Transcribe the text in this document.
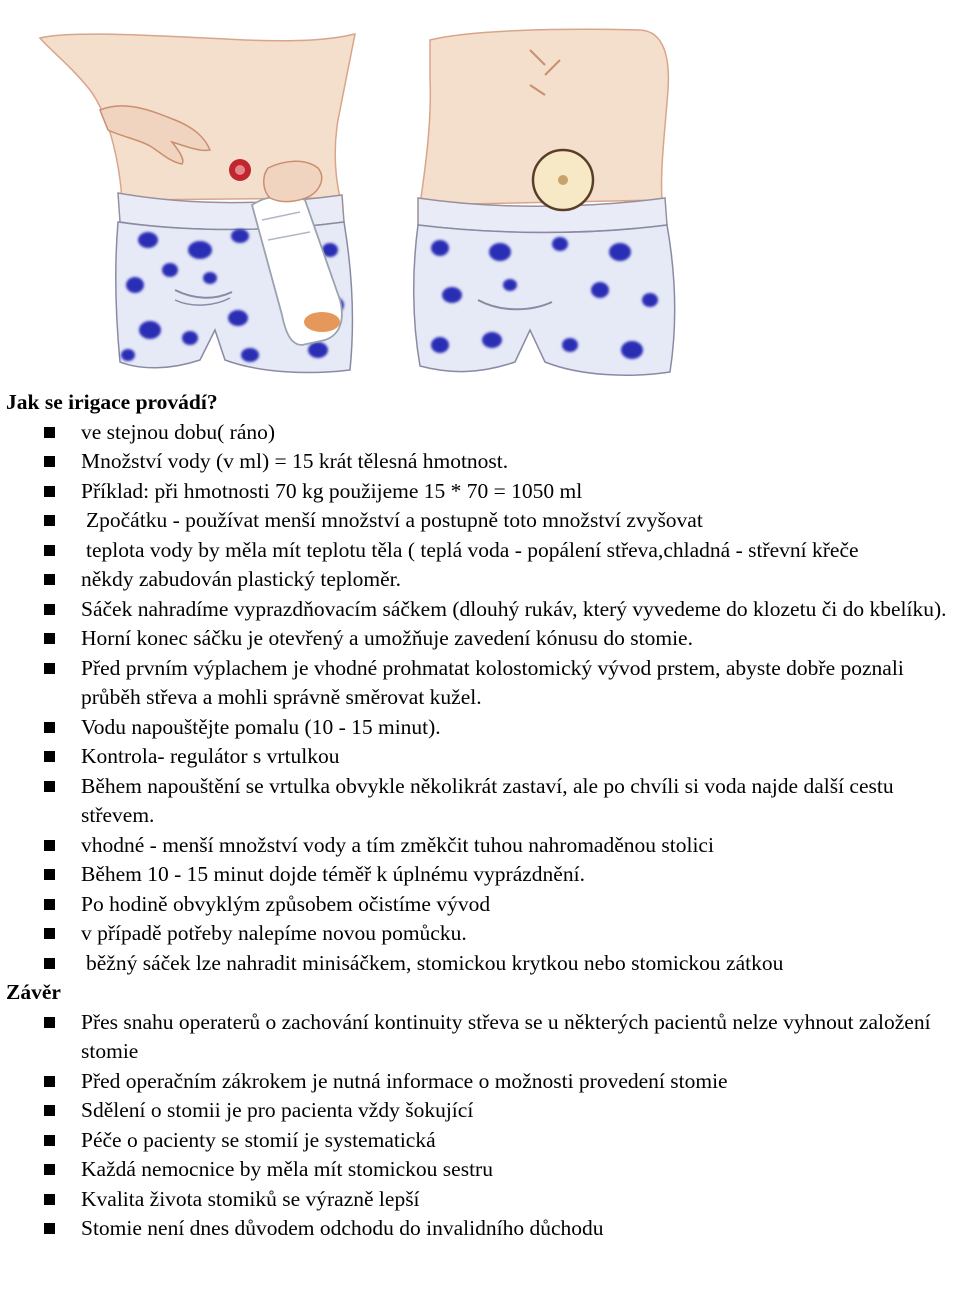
Jak se irigace provádí?

ve stejnou dobu( ráno)
Množství vody (v ml) = 15 krát tělesná hmotnost.
Příklad: při hmotnosti 70 kg použijeme 15 * 70 = 1050 ml
Zpočátku - používat menší množství a postupně toto množství zvyšovat
teplota vody by měla mít teplotu těla ( teplá voda - popálení střeva,chladná - střevní křeče
někdy zabudován plastický teploměr.
Sáček nahradíme vyprazdňovacím sáčkem (dlouhý rukáv, který vyvedeme do klozetu či do kbelíku).
Horní konec sáčku je otevřený a umožňuje zavedení kónusu do stomie.
Před prvním výplachem je vhodné prohmatat kolostomický vývod prstem, abyste dobře poznali průběh střeva a mohli správně směrovat kužel.
Vodu napouštějte pomalu (10 - 15 minut).
Kontrola- regulátor s vrtulkou
Během napouštění se vrtulka obvykle několikrát zastaví, ale po chvíli si voda najde další cestu střevem.
vhodné - menší množství vody a tím změkčit tuhou nahromaděnou stolici
Během 10 - 15 minut dojde téměř k úplnému vyprázdnění.
Po hodině obvyklým způsobem očistíme vývod
v případě potřeby nalepíme novou pomůcku.
běžný sáček lze nahradit minisáčkem, stomickou krytkou nebo stomickou zátkou

Závěr

Přes snahu operaterů o zachování kontinuity střeva se u některých pacientů nelze vyhnout založení stomie
Před operačním zákrokem je nutná informace o možnosti provedení stomie
Sdělení o stomii je pro pacienta vždy šokující
Péče o pacienty se stomií je systematická
Každá nemocnice by měla mít stomickou sestru
Kvalita života stomiků se výrazně lepší
Stomie není dnes důvodem odchodu do invalidního důchodu
